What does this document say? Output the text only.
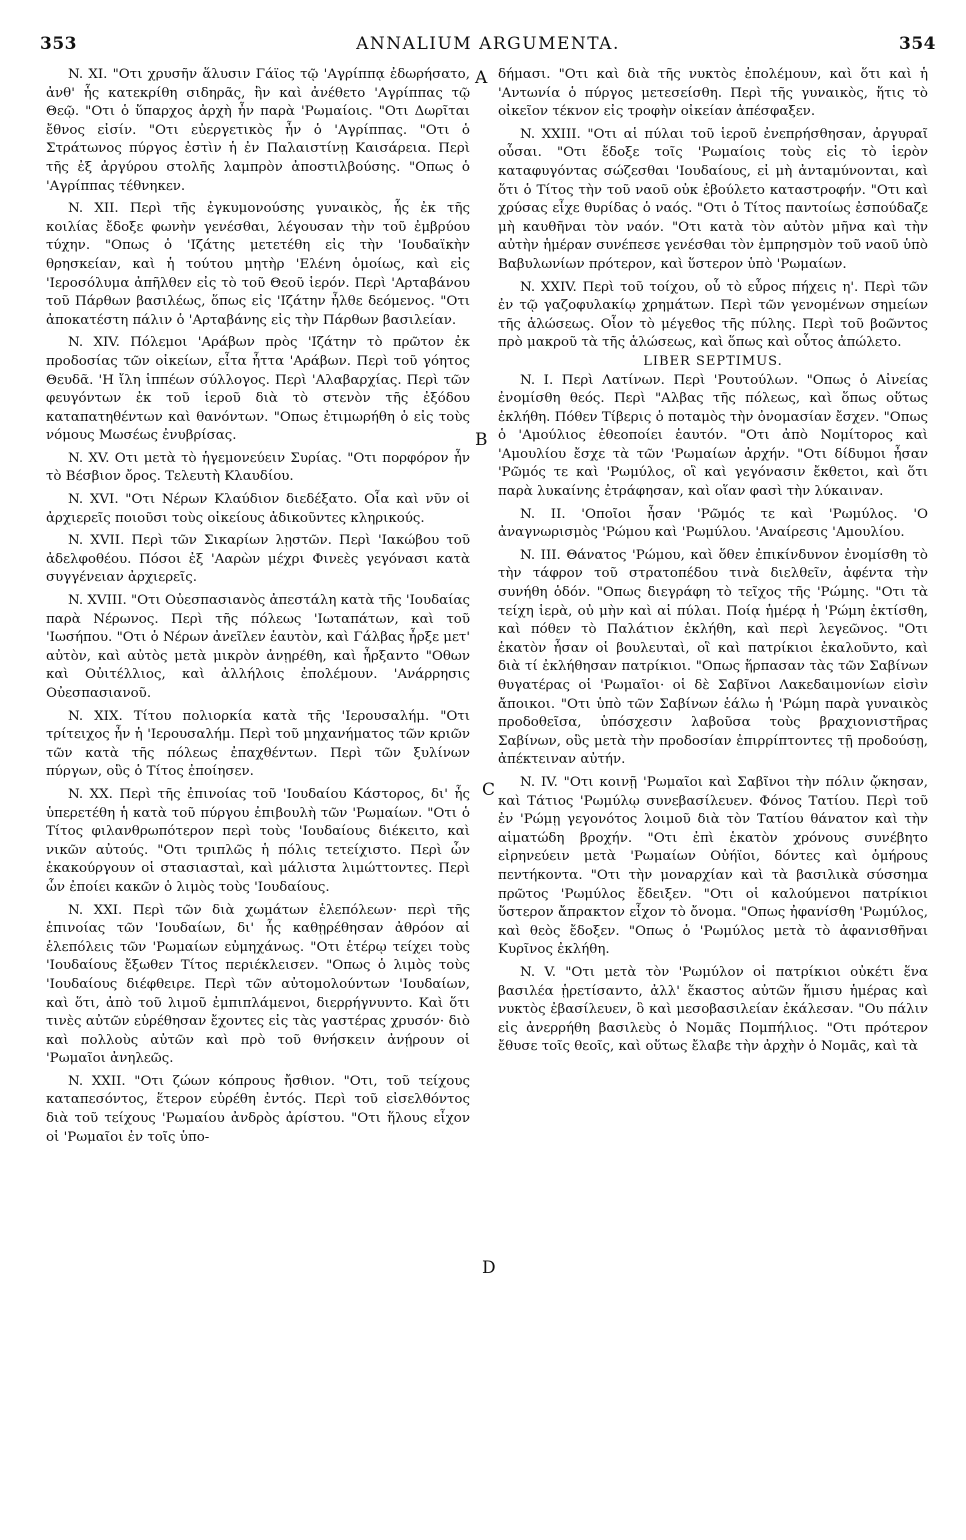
353	ANNALIUM ARGUMENTA.	354
A
B
C
D

N. XI. "Οτι χρυσῆν ἅλυσιν Γάϊος τῷ 'Αγρίππᾳ ἐδωρήσατο, ἀνθ' ἧς κατεκρίθη σιδηρᾶς, ἣν καὶ ἀνέθετο 'Αγρίππας τῷ Θεῷ. "Οτι ὁ ὕπαρχος ἀρχὴ ἦν παρὰ 'Ρωμαίοις. "Οτι Δωρῖται ἔθνος εἰσίν. "Οτι εὐεργετικὸς ἦν ὁ 'Αγρίππας. "Οτι ὁ Στράτωνος πύργος ἐστὶν ἡ ἐν Παλαιστίνῃ Καισάρεια. Περὶ τῆς ἐξ ἀργύρου στολῆς λαμπρὸν ἀποστιλβούσης. "Οπως ὁ 'Αγρίππας τέθνηκεν.

N. XII. Περὶ τῆς ἐγκυμονούσης γυναικὸς, ἧς ἐκ τῆς κοιλίας ἔδοξε φωνὴν γενέσθαι, λέγουσαν τὴν τοῦ ἐμβρύου τύχην. "Οπως ὁ 'Ιζάτης μετετέθη εἰς τὴν 'Ιουδαϊκὴν θρησκείαν, καὶ ἡ τούτου μητὴρ 'Ελένη ὁμοίως, καὶ εἰς 'Ιεροσόλυμα ἀπῆλθεν εἰς τὸ τοῦ Θεοῦ ἱερόν. Περὶ 'Αρταβάνου τοῦ Πάρθων βασιλέως, ὅπως εἰς 'Ιζάτην ἦλθε δεόμενος. "Οτι ἀποκατέστη πάλιν ὁ 'Αρταβάνης εἰς τὴν Πάρθων βασιλείαν.

N. XIV. Πόλεμοι 'Αράβων πρὸς 'Ιζάτην τὸ πρῶτον ἐκ προδοσίας τῶν οἰκείων, εἶτα ἧττα 'Αράβων. Περὶ τοῦ γόητος Θευδᾶ. 'Η ἴλη ἱππέων σύλλογος. Περὶ 'Αλαβαρχίας. Περὶ τῶν φευγόντων ἐκ τοῦ ἱεροῦ διὰ τὸ στενὸν τῆς ἐξόδου καταπατηθέντων καὶ θανόντων. "Οπως ἐτιμωρήθη ὁ εἰς τοὺς νόμους Μωσέως ἐνυβρίσας.

N. XV. Οτι μετὰ τὸ ἡγεμονεύειν Συρίας. "Οτι πορφόρον ἦν τὸ Βέσβιον ὄρος. Τελευτὴ Κλαυδίου.

N. XVI. "Οτι Νέρων Κλαύδιον διεδέξατο. Οἷα καὶ νῦν οἱ ἀρχιερεῖς ποιοῦσι τοὺς οἰκείους ἀδικοῦντες κληρικούς.

N. XVII. Περὶ τῶν Σικαρίων λῃστῶν. Περὶ 'Ιακώβου τοῦ ἀδελφοθέου. Πόσοι ἐξ 'Ααρὼν μέχρι Φινεὲς γεγόνασι κατὰ συγγένειαν ἀρχιερεῖς.

N. XVIII. "Οτι Οὐεσπασιανὸς ἀπεστάλη κατὰ τῆς 'Ιουδαίας παρὰ Νέρωνος. Περὶ τῆς πόλεως 'Ιωταπάτων, καὶ τοῦ 'Ιωσήπου. "Οτι ὁ Νέρων ἀνεῖλεν ἑαυτὸν, καὶ Γάλβας ἦρξε μετ' αὐτὸν, καὶ αὐτὸς μετὰ μικρὸν ἀνῃρέθη, καὶ ἦρξαντο "Οθων καὶ Οὐιτέλλιος, καὶ ἀλλήλοις ἐπολέμουν. 'Ανάρρησις Οὐεσπασιανοῦ.

N. XIX. Τίτου πολιορκία κατὰ τῆς 'Ιερουσαλήμ. "Οτι τρίτειχος ἦν ἡ 'Ιερουσαλήμ. Περὶ τοῦ μηχανήματος τῶν κριῶν τῶν κατὰ τῆς πόλεως ἐπαχθέντων. Περὶ τῶν ξυλίνων πύργων, οὓς ὁ Τίτος ἐποίησεν.

N. XX. Περὶ τῆς ἐπινοίας τοῦ 'Ιουδαίου Κάστορος, δι' ἧς ὑπερετέθη ἡ κατὰ τοῦ πύργου ἐπιβουλὴ τῶν 'Ρωμαίων. "Οτι ὁ Τίτος φιλανθρωπότερον περὶ τοὺς 'Ιουδαίους διέκειτο, καὶ νικῶν αὐτούς. "Οτι τριπλῶς ἡ πόλις τετείχιστο. Περὶ ὧν ἐκακούργουν οἱ στασιασταὶ, καὶ μάλιστα λιμώττοντες. Περὶ ὧν ἐποίει κακῶν ὁ λιμὸς τοὺς 'Ιουδαίους.

N. XXI. Περὶ τῶν διὰ χωμάτων ἑλεπόλεων· περὶ τῆς ἐπινοίας τῶν 'Ιουδαίων, δι' ἧς καθῃρέθησαν ἀθρόον αἱ ἑλεπόλεις τῶν 'Ρωμαίων εὐμηχάνως. "Οτι ἑτέρῳ τείχει τοὺς 'Ιουδαίους ἔξωθεν Τίτος περιέκλεισεν. "Οπως ὁ λιμὸς τοὺς 'Ιουδαίους διέφθειρε. Περὶ τῶν αὐτομολούντων 'Ιουδαίων, καὶ ὅτι, ἀπὸ τοῦ λιμοῦ ἐμπιπλάμενοι, διερρήγνυντο. Καὶ ὅτι τινὲς αὐτῶν εὑρέθησαν ἔχοντες εἰς τὰς γαστέρας χρυσόν· διὸ καὶ πολλοὺς αὐτῶν καὶ πρὸ τοῦ θνήσκειν ἀνῄρουν οἱ 'Ρωμαῖοι ἀνηλεῶς.

N. XXII. "Οτι ζώων κόπρους ἤσθιον. "Οτι, τοῦ τείχους καταπεσόντος, ἕτερον εὑρέθη ἐντός. Περὶ τοῦ εἰσελθόντος διὰ τοῦ τείχους 'Ρωμαίου ἀνδρὸς ἀρίστου. "Οτι ἥλους εἶχον οἱ 'Ρωμαῖοι ἐν τοῖς ὑπο-

δήμασι. "Οτι καὶ διὰ τῆς νυκτὸς ἐπολέμουν, καὶ ὅτι καὶ ἡ 'Αντωνία ὁ πύργος μετεσείσθη. Περὶ τῆς γυναικὸς, ἥτις τὸ οἰκεῖον τέκνον εἰς τροφὴν οἰκείαν ἀπέσφαξεν.

N. XXIII. "Οτι αἱ πύλαι τοῦ ἱεροῦ ἐνεπρήσθησαν, ἀργυραῖ οὖσαι. "Οτι ἔδοξε τοῖς 'Ρωμαίοις τοὺς εἰς τὸ ἱερὸν καταφυγόντας σώζεσθαι 'Ιουδαίους, εἰ μὴ ἀνταμύνονται, καὶ ὅτι ὁ Τίτος τὴν τοῦ ναοῦ οὐκ ἐβούλετο καταστροφήν. "Οτι καὶ χρύσας εἶχε θυρίδας ὁ ναός. "Οτι ὁ Τίτος παντοίως ἐσπούδαζε μὴ καυθῆναι τὸν ναόν. "Οτι κατὰ τὸν αὐτὸν μῆνα καὶ τὴν αὐτὴν ἡμέραν συνέπεσε γενέσθαι τὸν ἐμπρησμὸν τοῦ ναοῦ ὑπὸ Βαβυλωνίων πρότερον, καὶ ὕστερον ὑπὸ 'Ρωμαίων.

N. XXIV. Περὶ τοῦ τοίχου, οὗ τὸ εὖρος πήχεις η'. Περὶ τῶν ἐν τῷ γαζοφυλακίῳ χρημάτων. Περὶ τῶν γενομένων σημείων τῆς ἁλώσεως. Οἷον τὸ μέγεθος τῆς πύλης. Περὶ τοῦ βοῶντος πρὸ μακροῦ τὰ τῆς ἁλώσεως, καὶ ὅπως καὶ οὗτος ἀπώλετο.

LIBER SEPTIMUS.

N. I. Περὶ Λατίνων. Περὶ 'Ρουτούλων. "Οπως ὁ Αἰνείας ἐνομίσθη θεός. Περὶ "Αλβας τῆς πόλεως, καὶ ὅπως οὕτως ἐκλήθη. Πόθεν Τίβερις ὁ ποταμὸς τὴν ὀνομασίαν ἔσχεν. "Οπως ὁ 'Αμούλιος ἐθεοποίει ἑαυτόν. "Οτι ἀπὸ Νομίτορος καὶ 'Αμουλίου ἔσχε τὰ τῶν 'Ρωμαίων ἀρχήν. "Οτι δίδυμοι ἦσαν 'Ρῶμός τε καὶ 'Ρωμύλος, οἳ καὶ γεγόνασιν ἔκθετοι, καὶ ὅτι παρὰ λυκαίνης ἐτράφησαν, καὶ οἵαν φασὶ τὴν λύκαιναν.

N. II. 'Οποῖοι ἦσαν 'Ρῶμός τε καὶ 'Ρωμύλος. 'Ο ἀναγνωρισμὸς 'Ρώμου καὶ 'Ρωμύλου. 'Αναίρεσις 'Αμουλίου.

N. III. Θάνατος 'Ρώμου, καὶ ὅθεν ἐπικίνδυνον ἐνομίσθη τὸ τὴν τάφρον τοῦ στρατοπέδου τινὰ διελθεῖν, ἀφέντα τὴν συνήθη ὁδόν. "Οπως διεγράφη τὸ τεῖχος τῆς 'Ρώμης. "Οτι τὰ τείχη ἱερὰ, οὐ μὴν καὶ αἱ πύλαι. Ποίᾳ ἡμέρᾳ ἡ 'Ρώμη ἐκτίσθη, καὶ πόθεν τὸ Παλάτιον ἐκλήθη, καὶ περὶ λεγεῶνος. "Οτι ἑκατὸν ἦσαν οἱ βουλευταὶ, οἳ καὶ πατρίκιοι ἐκαλοῦντο, καὶ διὰ τί ἐκλήθησαν πατρίκιοι. "Οπως ἥρπασαν τὰς τῶν Σαβίνων θυγατέρας οἱ 'Ρωμαῖοι· οἱ δὲ Σαβῖνοι Λακεδαιμονίων εἰσὶν ἄποικοι. "Οτι ὑπὸ τῶν Σαβίνων ἑάλω ἡ 'Ρώμη παρὰ γυναικὸς προδοθεῖσα, ὑπόσχεσιν λαβοῦσα τοὺς βραχιονιστῆρας Σαβίνων, οὓς μετὰ τὴν προδοσίαν ἐπιρρίπτοντες τῇ προδούσῃ, ἀπέκτειναν αὐτήν.

N. IV. "Οτι κοινῇ 'Ρωμαῖοι καὶ Σαβῖνοι τὴν πόλιν ᾤκησαν, καὶ Τάτιος 'Ρωμύλῳ συνεβασίλευεν. Φόνος Τατίου. Περὶ τοῦ ἐν 'Ρώμῃ γεγονότος λοιμοῦ διὰ τὸν Τατίου θάνατον καὶ τὴν αἱματώδη βροχήν. "Οτι ἐπὶ ἑκατὸν χρόνους συνέβητο εἰρηνεύειν μετὰ 'Ρωμαίων Οὐήϊοι, δόντες καὶ ὁμήρους πεντήκοντα. "Οτι τὴν μοναρχίαν καὶ τὰ βασιλικὰ σύσσημα πρῶτος 'Ρωμύλος ἔδειξεν. "Οτι οἱ καλούμενοι πατρίκιοι ὕστερον ἄπρακτον εἶχον τὸ ὄνομα. "Οπως ἠφανίσθη 'Ρωμύλος, καὶ θεὸς ἔδοξεν. "Οπως ὁ 'Ρωμύλος μετὰ τὸ ἀφανισθῆναι Κυρῖνος ἐκλήθη.

N. V. "Οτι μετὰ τὸν 'Ρωμύλον οἱ πατρίκιοι οὐκέτι ἕνα βασιλέα ᾑρετίσαντο, ἀλλ' ἕκαστος αὐτῶν ἥμισυ ἡμέρας καὶ νυκτὸς ἐβασίλευεν, ὃ καὶ μεσοβασιλείαν ἐκάλεσαν. "Ου πάλιν εἰς ἀνερρήθη βασιλεὺς ὁ Νομᾶς Πομπήλιος. "Οτι πρότερον ἔθυσε τοῖς θεοῖς, καὶ οὕτως ἔλαβε τὴν ἀρχὴν ὁ Νομᾶς, καὶ τὰ
